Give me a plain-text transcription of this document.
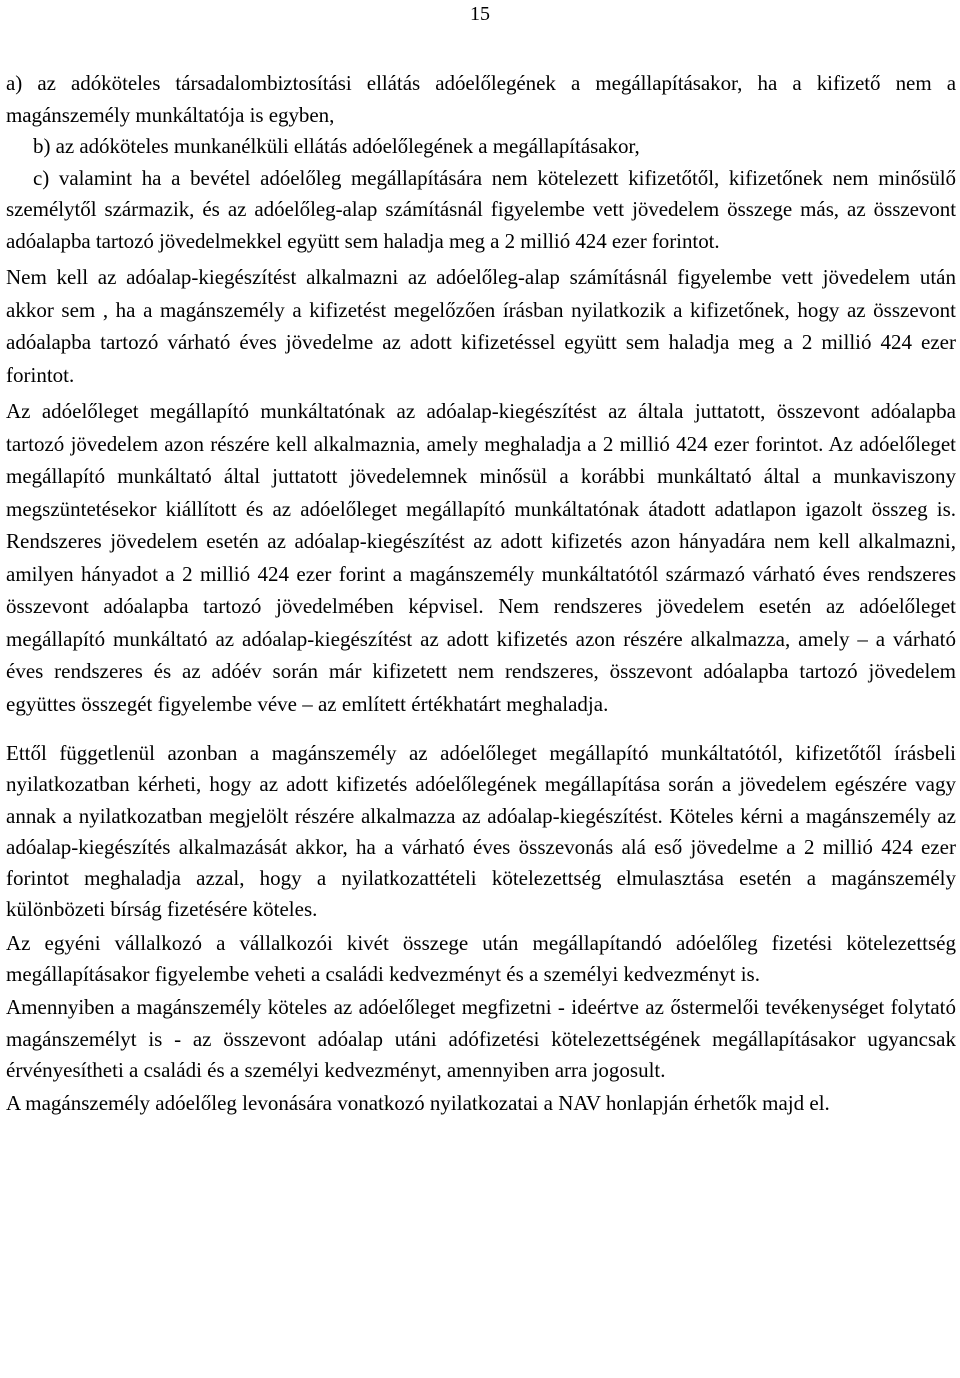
15

a) az adóköteles társadalombiztosítási ellátás adóelőlegének a megállapításakor, ha a kifizető nem a magánszemély munkáltatója is egyben,

b) az adóköteles munkanélküli ellátás adóelőlegének a megállapításakor,

c) valamint ha a bevétel adóelőleg megállapítására nem kötelezett kifizetőtől, kifizetőnek nem minősülő személytől származik, és az adóelőleg-alap számításnál figyelembe vett jövedelem összege más, az összevont adóalapba tartozó jövedelmekkel együtt sem haladja meg a 2 millió 424 ezer forintot.

Nem kell az adóalap-kiegészítést alkalmazni az adóelőleg-alap számításnál figyelembe vett jövedelem után akkor sem , ha a magánszemély a kifizetést megelőzően írásban nyilatkozik a kifizetőnek, hogy az összevont adóalapba tartozó várható éves jövedelme az adott kifizetéssel együtt sem haladja meg a 2 millió 424 ezer forintot.

Az adóelőleget megállapító munkáltatónak az adóalap-kiegészítést az általa juttatott, összevont adóalapba tartozó jövedelem azon részére kell alkalmaznia, amely meghaladja a 2 millió 424 ezer forintot. Az adóelőleget megállapító munkáltató által juttatott jövedelemnek minősül a korábbi munkáltató által a munkaviszony megszüntetésekor kiállított és az adóelőleget megállapító munkáltatónak átadott adatlapon igazolt összeg is. Rendszeres jövedelem esetén az adóalap-kiegészítést az adott kifizetés azon hányadára nem kell alkalmazni, amilyen hányadot a 2 millió 424 ezer forint a magánszemély munkáltatótól származó várható éves rendszeres összevont adóalapba tartozó jövedelmében képvisel. Nem rendszeres jövedelem esetén az adóelőleget megállapító munkáltató az adóalap-kiegészítést az adott kifizetés azon részére alkalmazza, amely – a várható éves rendszeres és az adóév során már kifizetett nem rendszeres, összevont adóalapba tartozó jövedelem együttes összegét figyelembe véve – az említett értékhatárt meghaladja.

Ettől függetlenül azonban a magánszemély az adóelőleget megállapító munkáltatótól, kifizetőtől írásbeli nyilatkozatban kérheti, hogy az adott kifizetés adóelőlegének megállapítása során a jövedelem egészére vagy annak a nyilatkozatban megjelölt részére alkalmazza az adóalap-kiegészítést. Köteles kérni a magánszemély az adóalap-kiegészítés alkalmazását akkor, ha a várható éves összevonás alá eső jövedelme a 2 millió 424 ezer forintot meghaladja azzal, hogy a nyilatkozattételi kötelezettség elmulasztása esetén a magánszemély különbözeti bírság fizetésére köteles.

Az egyéni vállalkozó a vállalkozói kivét összege után megállapítandó adóelőleg fizetési kötelezettség megállapításakor figyelembe veheti a családi kedvezményt és a személyi kedvezményt is.

Amennyiben a magánszemély köteles az adóelőleget megfizetni - ideértve az őstermelői tevékenységet folytató magánszemélyt is - az összevont adóalap utáni adófizetési kötelezettségének megállapításakor ugyancsak érvényesítheti a családi és a személyi kedvezményt, amennyiben arra jogosult.

A magánszemély adóelőleg levonására vonatkozó nyilatkozatai a NAV honlapján érhetők majd el.
